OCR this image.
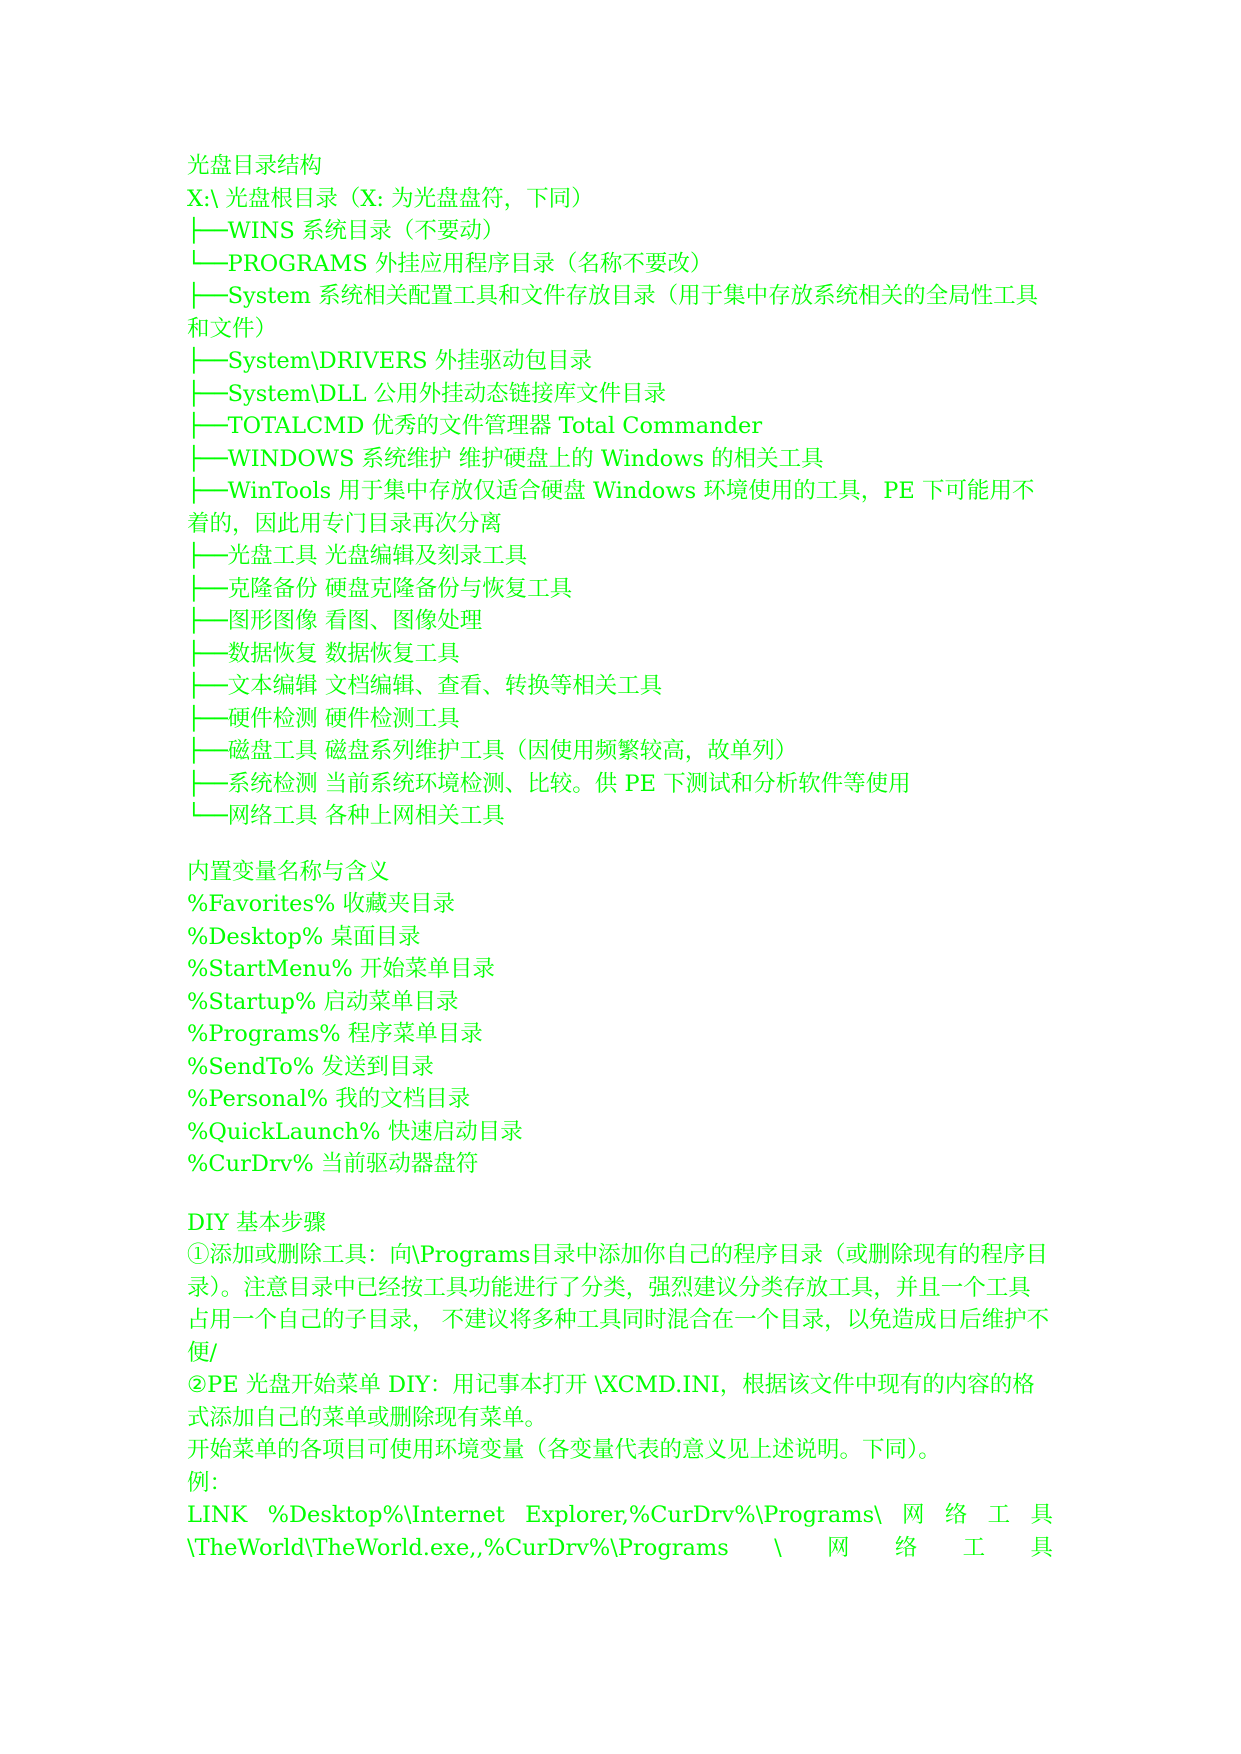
光盘目录结构
X:\ 光盘根目录（X: 为光盘盘符，下同）
├──WINS 系统目录（不要动）
└──PROGRAMS 外挂应用程序目录（名称不要改）
├──System 系统相关配置工具和文件存放目录（用于集中存放系统相关的全局性工具和文件）
├──System\DRIVERS 外挂驱动包目录
├──System\DLL 公用外挂动态链接库文件目录
├──TOTALCMD 优秀的文件管理器 Total Commander
├──WINDOWS 系统维护 维护硬盘上的 Windows 的相关工具
├──WinTools 用于集中存放仅适合硬盘 Windows 环境使用的工具，PE 下可能用不着的，因此用专门目录再次分离
├──光盘工具 光盘编辑及刻录工具
├──克隆备份 硬盘克隆备份与恢复工具
├──图形图像 看图、图像处理
├──数据恢复 数据恢复工具
├──文本编辑 文档编辑、查看、转换等相关工具
├──硬件检测 硬件检测工具
├──磁盘工具 磁盘系列维护工具（因使用频繁较高，故单列）
├──系统检测 当前系统环境检测、比较。供 PE 下测试和分析软件等使用
└──网络工具 各种上网相关工具
内置变量名称与含义
%Favorites% 收藏夹目录
%Desktop% 桌面目录
%StartMenu% 开始菜单目录
%Startup% 启动菜单目录
%Programs% 程序菜单目录
%SendTo% 发送到目录
%Personal% 我的文档目录
%QuickLaunch% 快速启动目录
%CurDrv% 当前驱动器盘符
DIY 基本步骤
①添加或删除工具：向\Programs目录中添加你自己的程序目录（或删除现有的程序目录）。注意目录中已经按工具功能进行了分类，强烈建议分类存放工具，并且一个工具占用一个自己的子目录， 不建议将多种工具同时混合在一个目录，以免造成日后维护不便/
②PE 光盘开始菜单 DIY：用记事本打开 \XCMD.INI，根据该文件中现有的内容的格式添加自己的菜单或删除现有菜单。
开始菜单的各项目可使用环境变量（各变量代表的意义见上述说明。下同）。
例：
LINK %Desktop%\Internet Explorer,%CurDrv%\Programs\ 网 络 工 具
\TheWorld\TheWorld.exe,,%CurDrv%\Programs \ 网 络 工 具
